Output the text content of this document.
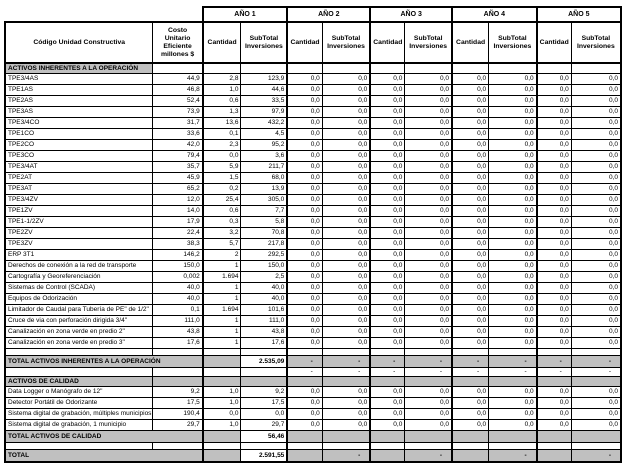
		AÑO 1		AÑO 2		AÑO 3		AÑO 4		AÑO 5	
Código Unidad Constructiva	Costo Unitario Eficiente millones $	Cantidad	SubTotal Inversiones	Cantidad	SubTotal Inversiones	Cantidad	SubTotal Inversiones	Cantidad	SubTotal Inversiones	Cantidad	SubTotal Inversiones
ACTIVOS INHERENTES A LA OPERACIÓN											
TPE3/4AS	44,9	2,8	123,9	0,0	0,0	0,0	0,0	0,0	0,0	0,0	0,0
TPE1AS	46,8	1,0	44,6	0,0	0,0	0,0	0,0	0,0	0,0	0,0	0,0
TPE2AS	52,4	0,6	33,5	0,0	0,0	0,0	0,0	0,0	0,0	0,0	0,0
TPE3AS	73,9	1,3	97,9	0,0	0,0	0,0	0,0	0,0	0,0	0,0	0,0
TPE3/4CO	31,7	13,6	432,2	0,0	0,0	0,0	0,0	0,0	0,0	0,0	0,0
TPE1CO	33,6	0,1	4,5	0,0	0,0	0,0	0,0	0,0	0,0	0,0	0,0
TPE2CO	42,0	2,3	95,2	0,0	0,0	0,0	0,0	0,0	0,0	0,0	0,0
TPE3CO	79,4	0,0	3,6	0,0	0,0	0,0	0,0	0,0	0,0	0,0	0,0
TPE3/4AT	35,7	5,9	211,7	0,0	0,0	0,0	0,0	0,0	0,0	0,0	0,0
TPE2AT	45,9	1,5	68,0	0,0	0,0	0,0	0,0	0,0	0,0	0,0	0,0
TPE3AT	65,2	0,2	13,9	0,0	0,0	0,0	0,0	0,0	0,0	0,0	0,0
TPE3/4ZV	12,0	25,4	305,0	0,0	0,0	0,0	0,0	0,0	0,0	0,0	0,0
TPE1ZV	14,0	0,6	7,7	0,0	0,0	0,0	0,0	0,0	0,0	0,0	0,0
TPE1-1/2ZV	17,9	0,3	5,8	0,0	0,0	0,0	0,0	0,0	0,0	0,0	0,0
TPE2ZV	22,4	3,2	70,8	0,0	0,0	0,0	0,0	0,0	0,0	0,0	0,0
TPE3ZV	38,3	5,7	217,8	0,0	0,0	0,0	0,0	0,0	0,0	0,0	0,0
ERP 3T1	146,2	2	292,5	0,0	0,0	0,0	0,0	0,0	0,0	0,0	0,0
Derechos de conexión a la red de transporte	150,0	1	150,0	0,0	0,0	0,0	0,0	0,0	0,0	0,0	0,0
Cartografía y Georeferenciación	0,002	1.694	2,5	0,0	0,0	0,0	0,0	0,0	0,0	0,0	0,0
Sistemas de Control (SCADA)	40,0	1	40,0	0,0	0,0	0,0	0,0	0,0	0,0	0,0	0,0
Equipos de Odorización	40,0	1	40,0	0,0	0,0	0,0	0,0	0,0	0,0	0,0	0,0
Limitador de Caudal para Tubería de PE" de 1/2"	0,1	1.694	101,6	0,0	0,0	0,0	0,0	0,0	0,0	0,0	0,0
Cruce de via con perforación dirigida 3/4"	111,0	1	111,0	0,0	0,0	0,0	0,0	0,0	0,0	0,0	0,0
Canalización en zona verde en predio 2"	43,8	1	43,8	0,0	0,0	0,0	0,0	0,0	0,0	0,0	0,0
Canalización en zona verde en predio 3"	17,6	1	17,6	0,0	0,0	0,0	0,0	0,0	0,0	0,0	0,0

TOTAL ACTIVOS INHERENTES A LA OPERACIÓN			2.535,09	-	-	-	-	-	-	-	-
				-	-	-	-	-	-	-	-
ACTIVOS DE CALIDAD											
Data Logger o Manógrafo de 12"	9,2	1,0	9,2	0,0	0,0	0,0	0,0	0,0	0,0	0,0	0,0
Detector Portátil de Odorizante	17,5	1,0	17,5	0,0	0,0	0,0	0,0	0,0	0,0	0,0	0,0
Sistema digital de grabación, múltiples municipios	190,4	0,0	0,0	0,0	0,0	0,0	0,0	0,0	0,0	0,0	0,0
Sistema digital de grabación, 1 municipio	29,7	1,0	29,7	0,0	0,0	0,0	0,0	0,0	0,0	0,0	0,0
TOTAL ACTIVOS DE CALIDAD			56,46								

TOTAL			2.591,55		-		-		-		-
